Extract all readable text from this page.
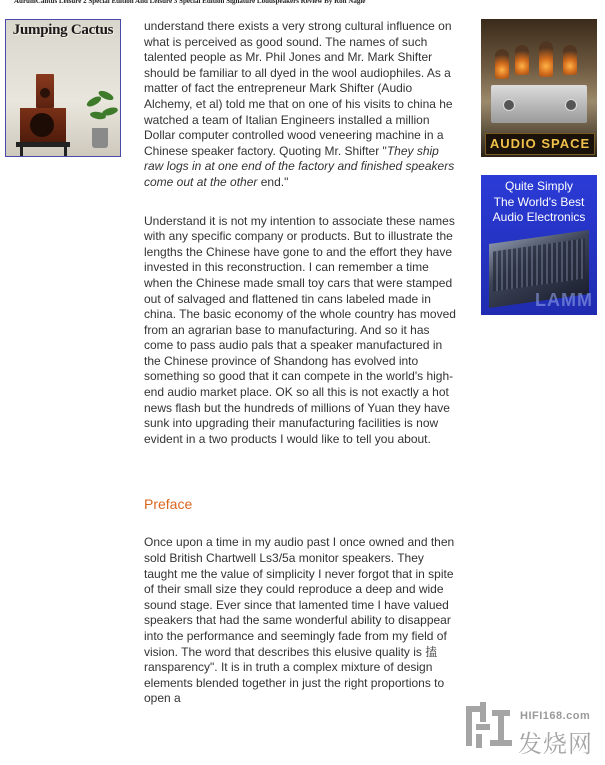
AurumCantus Leisure 2 Special Edition And Leisure 3 Special Edition Signature Loudspeakers Review By Ron Nagle
Jumping Cactus	understand there exists a very strong cultural influence on what is perceived as good sound. The names of such talented people as Mr. Phil Jones and Mr. Mark Shifter should be familiar to all dyed in the wool audiophiles. As a matter of fact the entrepreneur Mark Shifter (Audio Alchemy, et al) told me that on one of his visits to china he watched a team of Italian Engineers installed a million Dollar computer controlled wood veneering machine in a Chinese speaker factory. Quoting Mr. Shifter "They ship raw logs in at one end of the factory and finished speakers come out at the other end."

Understand it is not my intention to associate these names with any specific company or products. But to illustrate the lengths the Chinese have gone to and the effort they have invested in this reconstruction. I can remember a time when the Chinese made small toy cars that were stamped out of salvaged and flattened tin cans labeled made in china. The basic economy of the whole country has moved from an agrarian base to manufacturing. And so it has come to pass audio pals that a speaker manufactured in the Chinese province of Shandong has evolved into something so good that it can compete in the world's high-end audio market place. OK so all this is not exactly a hot news flash but the hundreds of millions of Yuan they have sunk into upgrading their manufacturing facilities is now evident in a two products I would like to tell you about.

Preface

Once upon a time in my audio past I once owned and then sold British Chartwell Ls3/5a monitor speakers. They taught me the value of simplicity I never forgot that in spite of their small size they could reproduce a deep and wide sound stage. Ever since that lamented time I have valued speakers that had the same wonderful ability to disappear into the performance and seemingly fade from my field of vision. The word that describes this elusive quality is 搕ransparency". It is in truth a complex mixture of design elements blended together in just the right proportions to open a

AUDIO SPACE
Quite Simply
The World's Best
Audio Electronics
LAMM
HIFI168.com
发烧网
